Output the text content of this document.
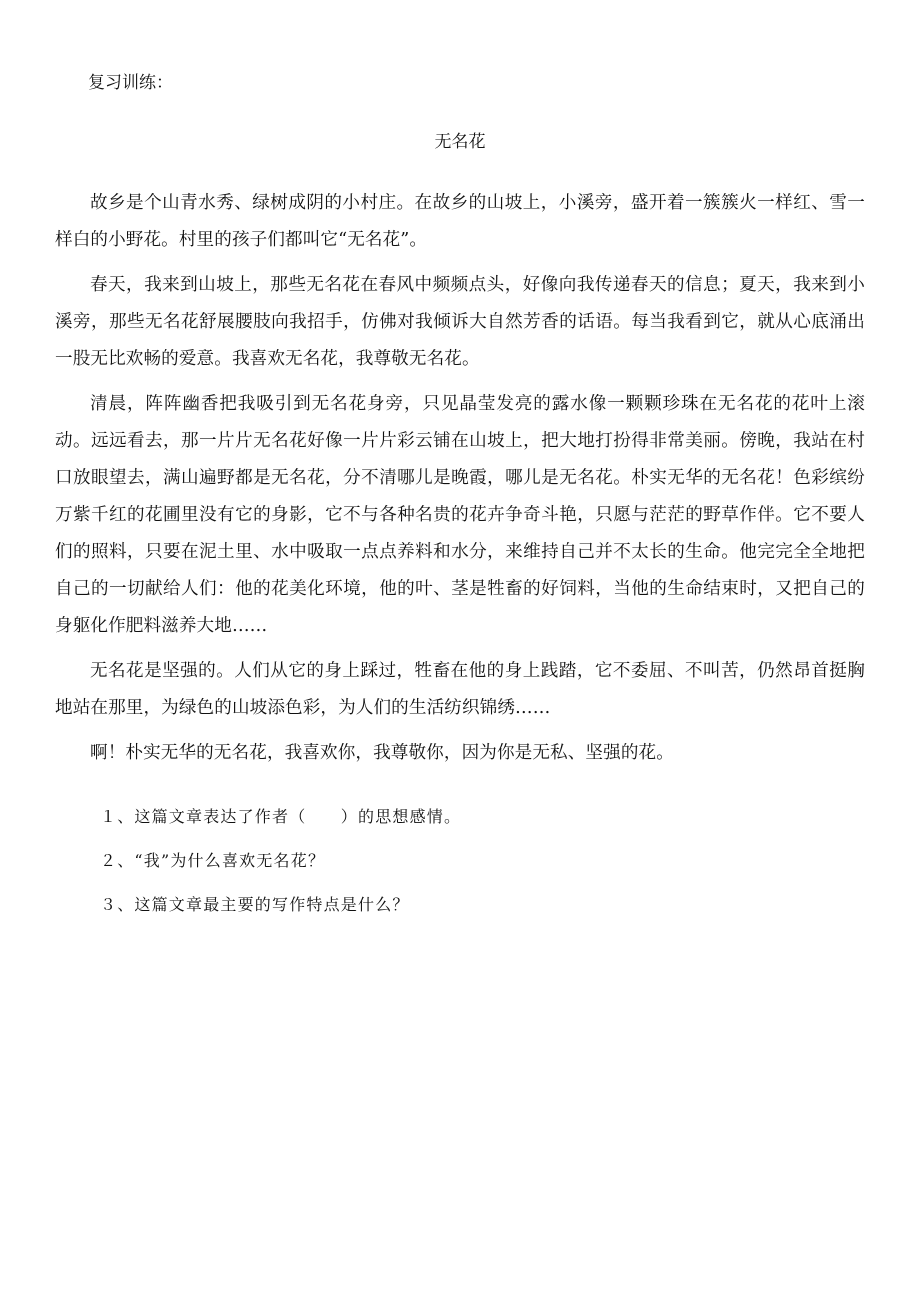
复习训练：

无名花

故乡是个山青水秀、绿树成阴的小村庄。在故乡的山坡上，小溪旁，盛开着一簇簇火一样红、雪一样白的小野花。村里的孩子们都叫它“无名花”。

春天，我来到山坡上，那些无名花在春风中频频点头，好像向我传递春天的信息；夏天，我来到小溪旁，那些无名花舒展腰肢向我招手，仿佛对我倾诉大自然芳香的话语。每当我看到它，就从心底涌出一股无比欢畅的爱意。我喜欢无名花，我尊敬无名花。

清晨，阵阵幽香把我吸引到无名花身旁，只见晶莹发亮的露水像一颗颗珍珠在无名花的花叶上滚动。远远看去，那一片片无名花好像一片片彩云铺在山坡上，把大地打扮得非常美丽。傍晚，我站在村口放眼望去，满山遍野都是无名花，分不清哪儿是晚霞，哪儿是无名花。朴实无华的无名花！色彩缤纷万紫千红的花圃里没有它的身影，它不与各种名贵的花卉争奇斗艳，只愿与茫茫的野草作伴。它不要人们的照料，只要在泥土里、水中吸取一点点养料和水分，来维持自己并不太长的生命。他完完全全地把自己的一切献给人们：他的花美化环境，他的叶、茎是牲畜的好饲料，当他的生命结束时，又把自己的身躯化作肥料滋养大地……

无名花是坚强的。人们从它的身上踩过，牲畜在他的身上践踏，它不委屈、不叫苦，仍然昂首挺胸地站在那里，为绿色的山坡添色彩，为人们的生活纺织锦绣……

啊！朴实无华的无名花，我喜欢你，我尊敬你，因为你是无私、坚强的花。

１、这篇文章表达了作者（　　）的思想感情。

２、“我”为什么喜欢无名花？

３、这篇文章最主要的写作特点是什么？
